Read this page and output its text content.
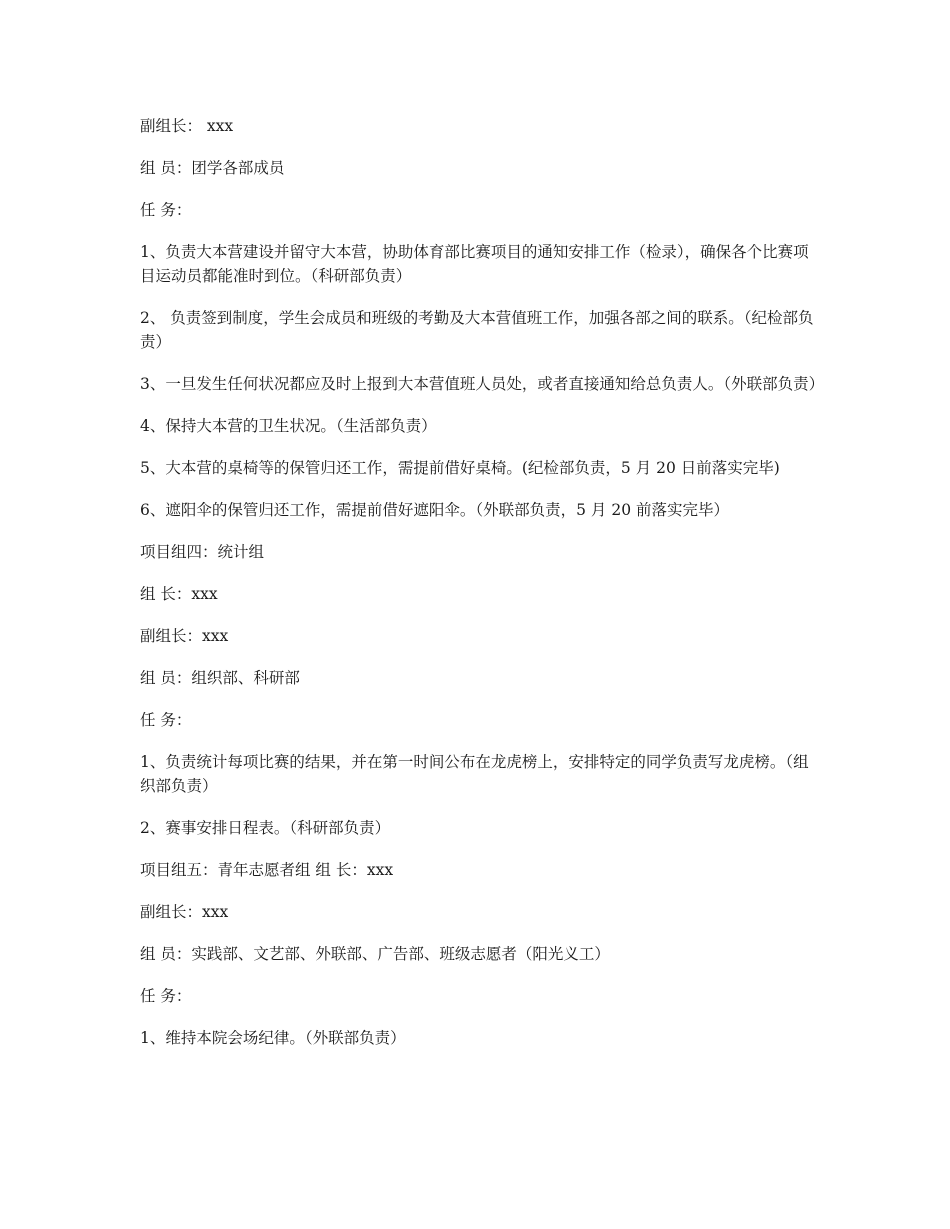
副组长： xxx

组 员：团学各部成员

任 务：

1、负责大本营建设并留守大本营，协助体育部比赛项目的通知安排工作（检录），确保各个比赛项目运动员都能准时到位。（科研部负责）

2、 负责签到制度，学生会成员和班级的考勤及大本营值班工作，加强各部之间的联系。（纪检部负责）

3、一旦发生任何状况都应及时上报到大本营值班人员处，或者直接通知给总负责人。（外联部负责）

4、保持大本营的卫生状况。（生活部负责）

5、大本营的桌椅等的保管归还工作，需提前借好桌椅。(纪检部负责，5 月 20 日前落实完毕)

6、遮阳伞的保管归还工作，需提前借好遮阳伞。（外联部负责，5 月 20 前落实完毕）

项目组四：统计组

组 长：xxx

副组长：xxx

组 员：组织部、科研部

任 务：

1、负责统计每项比赛的结果，并在第一时间公布在龙虎榜上，安排特定的同学负责写龙虎榜。（组织部负责）

2、赛事安排日程表。（科研部负责）

项目组五：青年志愿者组 组 长：xxx

副组长：xxx

组 员：实践部、文艺部、外联部、广告部、班级志愿者（阳光义工）

任 务：

1、维持本院会场纪律。（外联部负责）
